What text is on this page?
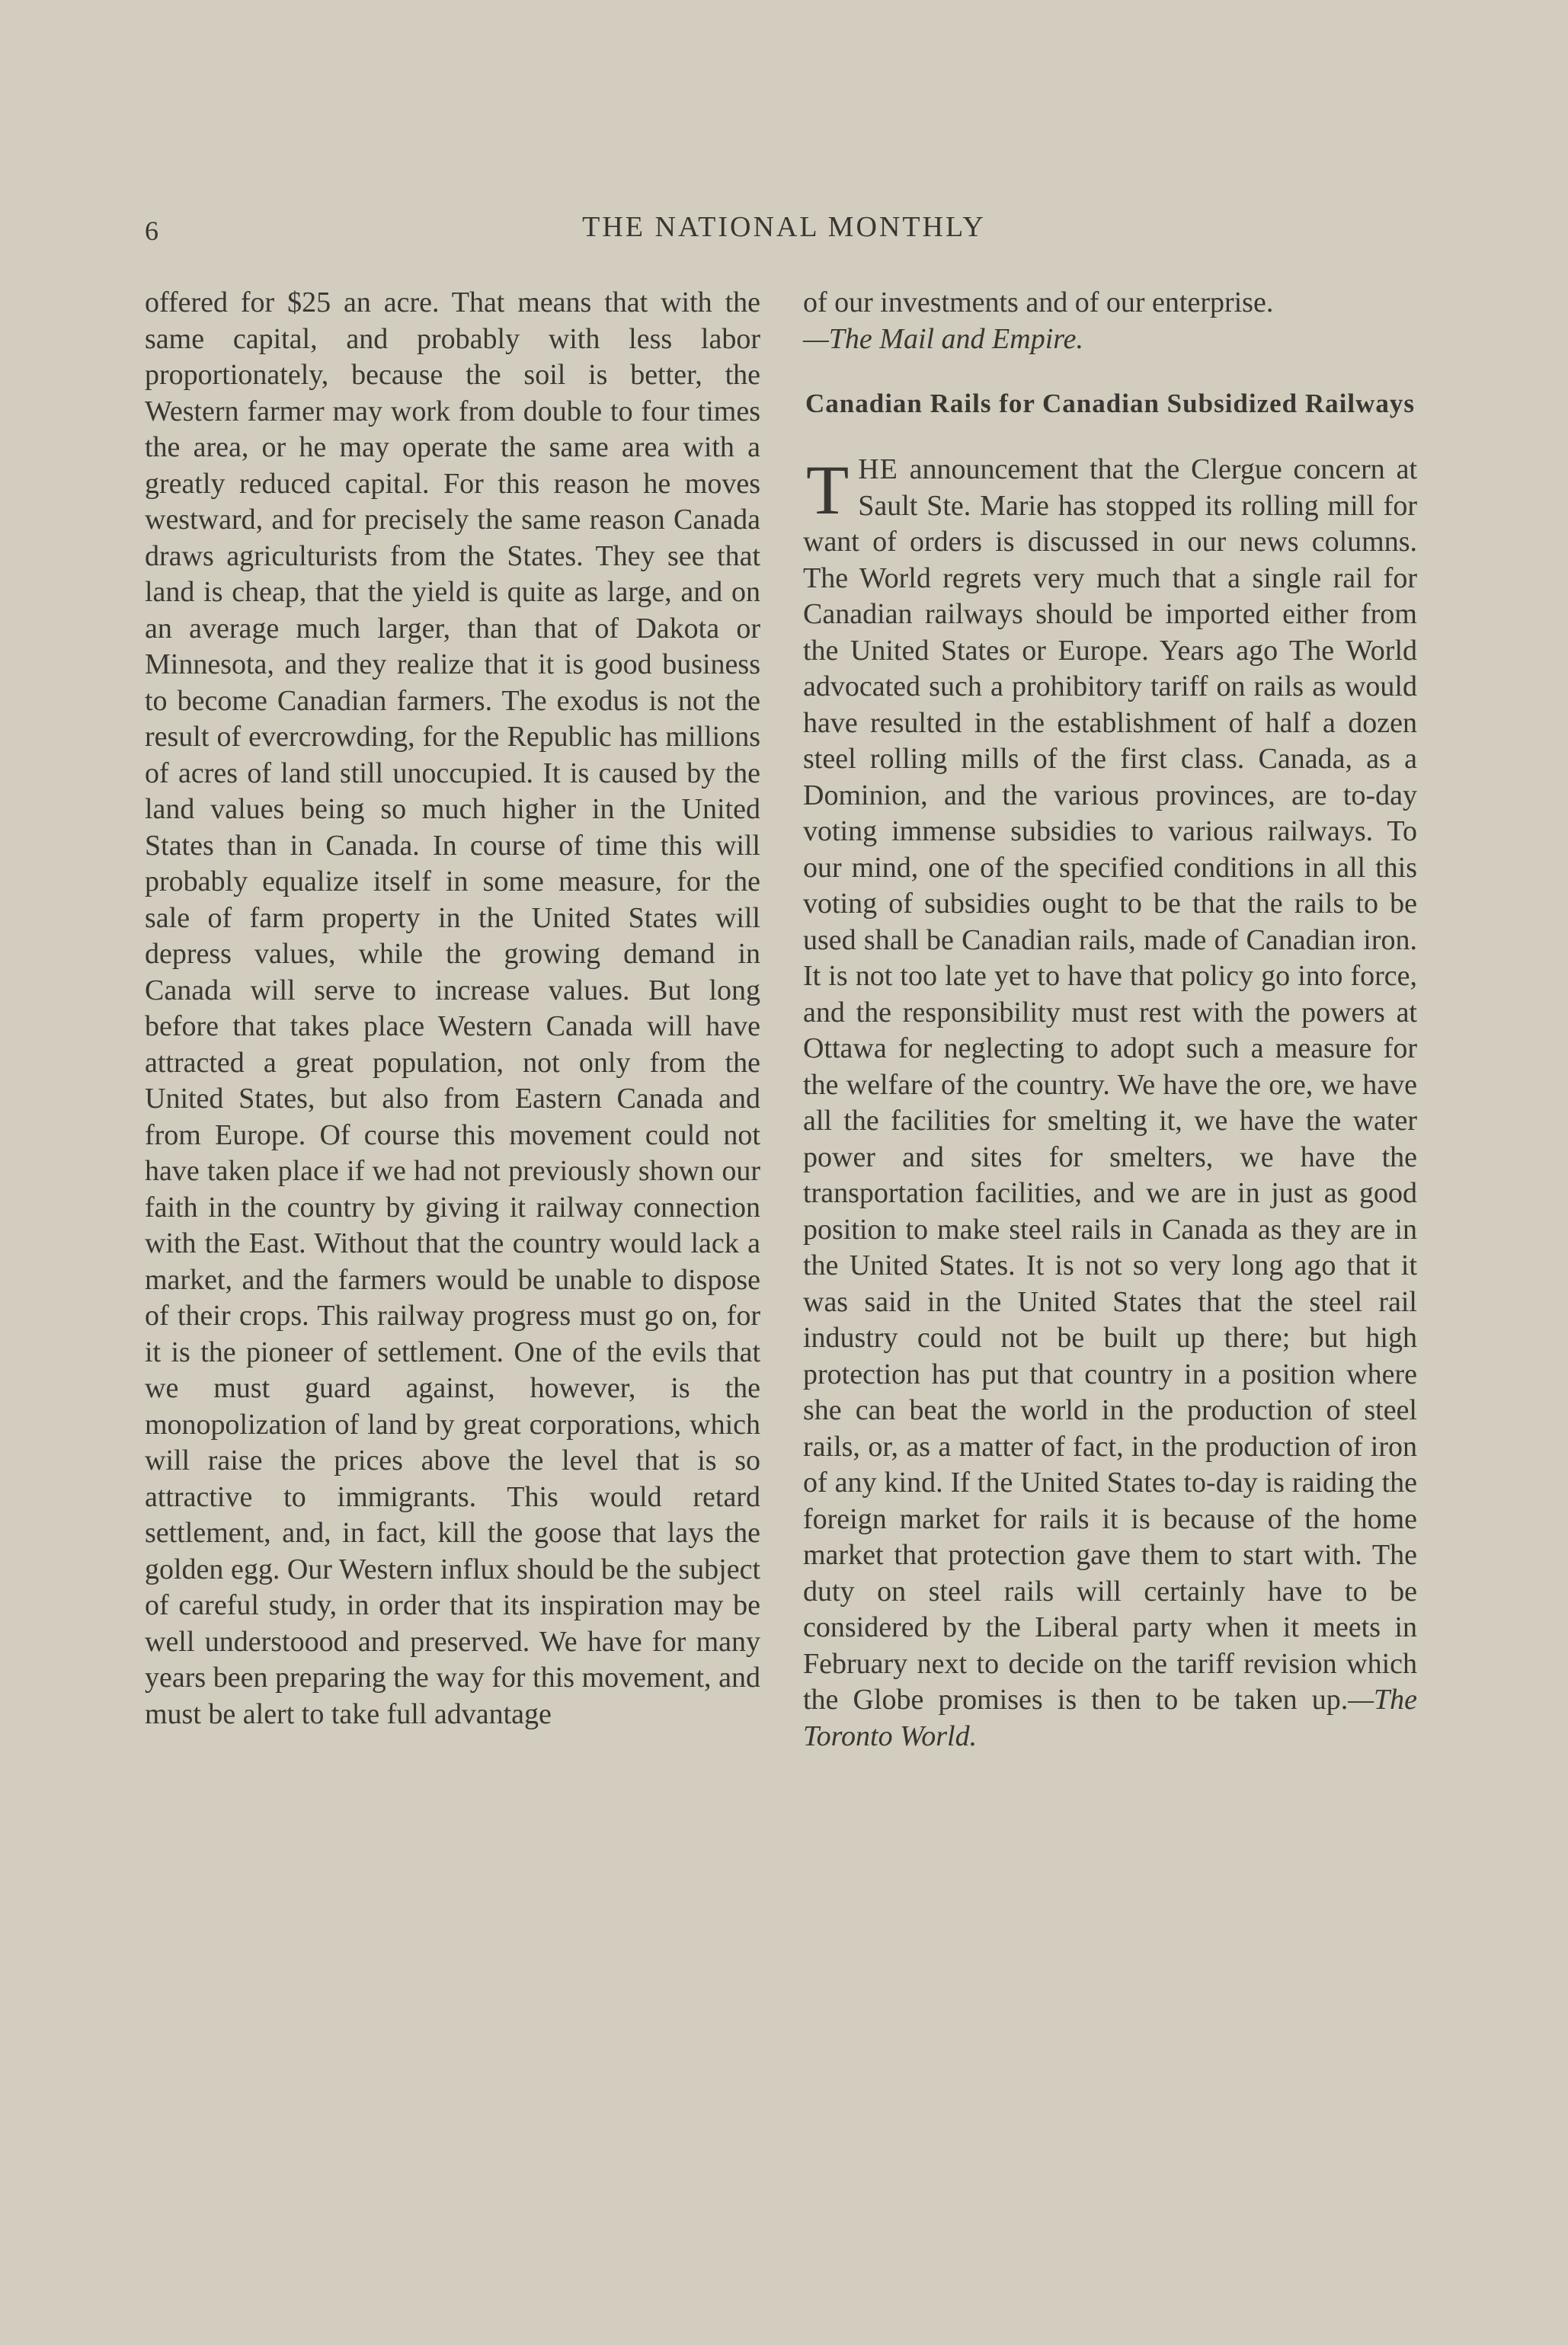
6	THE NATIONAL MONTHLY

offered for $25 an acre. That means that with the same capital, and probably with less labor proportionately, because the soil is better, the Western farmer may work from double to four times the area, or he may operate the same area with a greatly reduced capital. For this reason he moves westward, and for precisely the same reason Canada draws agriculturists from the States. They see that land is cheap, that the yield is quite as large, and on an average much larger, than that of Dakota or Minnesota, and they realize that it is good business to become Canadian farmers. The exodus is not the result of evercrowding, for the Republic has millions of acres of land still unoccupied. It is caused by the land values being so much higher in the United States than in Canada. In course of time this will probably equalize itself in some measure, for the sale of farm property in the United States will depress values, while the growing demand in Canada will serve to increase values. But long before that takes place Western Canada will have attracted a great population, not only from the United States, but also from Eastern Canada and from Europe. Of course this movement could not have taken place if we had not previously shown our faith in the country by giving it railway connection with the East. Without that the country would lack a market, and the farmers would be unable to dispose of their crops. This railway progress must go on, for it is the pioneer of settlement. One of the evils that we must guard against, however, is the monopolization of land by great corporations, which will raise the prices above the level that is so attractive to immigrants. This would retard settlement, and, in fact, kill the goose that lays the golden egg. Our Western influx should be the subject of careful study, in order that its inspiration may be well understoood and preserved. We have for many years been preparing the way for this movement, and must be alert to take full advantage

of our investments and of our enterprise.

—The Mail and Empire.

Canadian Rails for Canadian Subsidized Railways

THE announcement that the Clergue concern at Sault Ste. Marie has stopped its rolling mill for want of orders is discussed in our news columns. The World regrets very much that a single rail for Canadian railways should be imported either from the United States or Europe. Years ago The World advocated such a prohibitory tariff on rails as would have resulted in the establishment of half a dozen steel rolling mills of the first class. Canada, as a Dominion, and the various provinces, are to-day voting immense subsidies to various railways. To our mind, one of the specified conditions in all this voting of subsidies ought to be that the rails to be used shall be Canadian rails, made of Canadian iron. It is not too late yet to have that policy go into force, and the responsibility must rest with the powers at Ottawa for neglecting to adopt such a measure for the welfare of the country. We have the ore, we have all the facilities for smelting it, we have the water power and sites for smelters, we have the transportation facilities, and we are in just as good position to make steel rails in Canada as they are in the United States. It is not so very long ago that it was said in the United States that the steel rail industry could not be built up there; but high protection has put that country in a position where she can beat the world in the production of steel rails, or, as a matter of fact, in the production of iron of any kind. If the United States to-day is raiding the foreign market for rails it is because of the home market that protection gave them to start with. The duty on steel rails will certainly have to be considered by the Liberal party when it meets in February next to decide on the tariff revision which the Globe promises is then to be taken up.—The Toronto World.
